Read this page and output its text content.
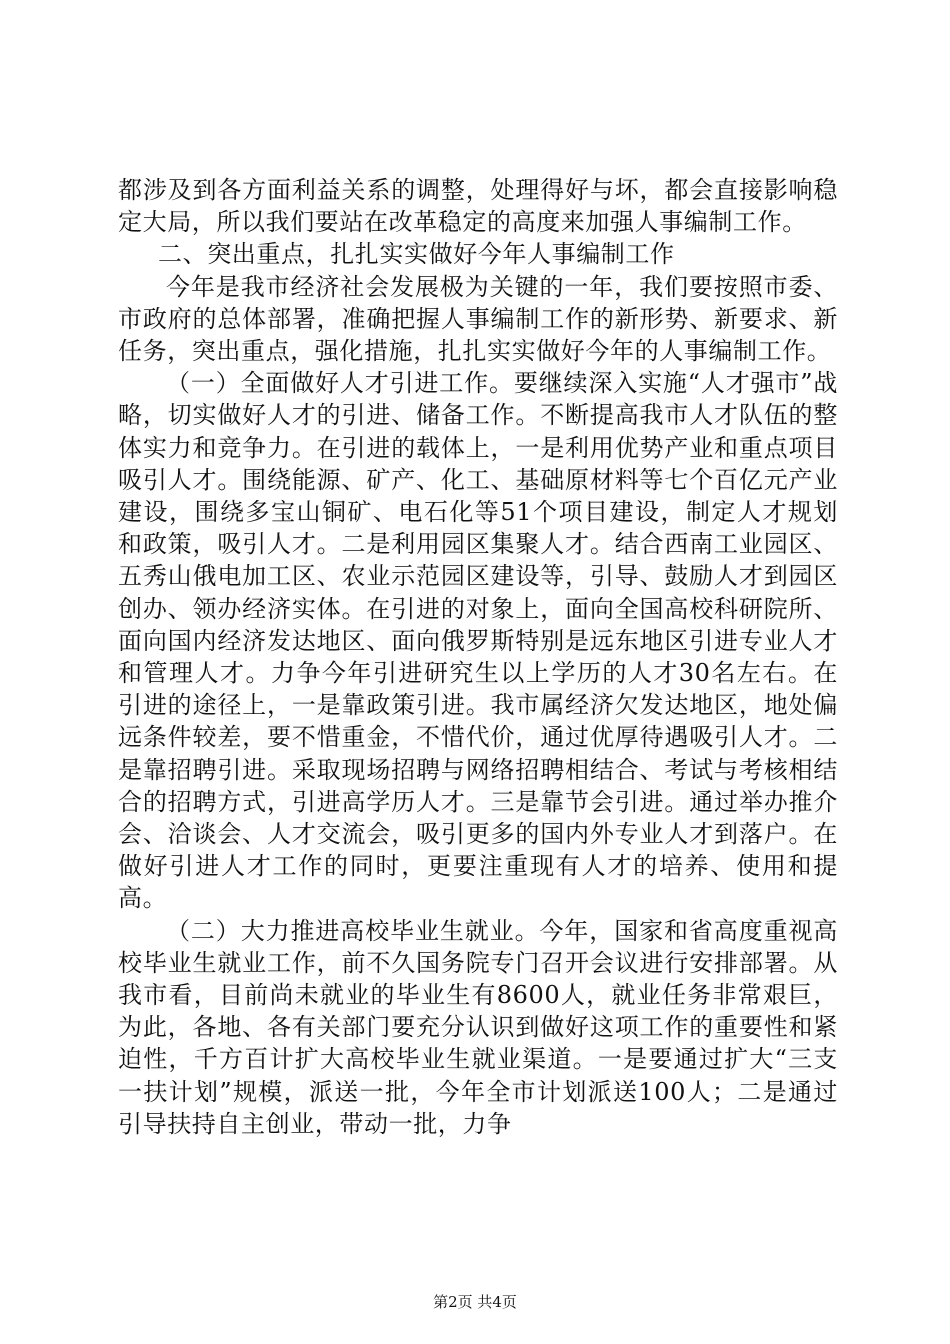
都涉及到各方面利益关系的调整，处理得好与坏，都会直接影响稳定大局，所以我们要站在改革稳定的高度来加强人事编制工作。

二、突出重点，扎扎实实做好今年人事编制工作

今年是我市经济社会发展极为关键的一年，我们要按照市委、市政府的总体部署，准确把握人事编制工作的新形势、新要求、新任务，突出重点，强化措施，扎扎实实做好今年的人事编制工作。

（一）全面做好人才引进工作。要继续深入实施“人才强市”战略，切实做好人才的引进、储备工作。不断提高我市人才队伍的整体实力和竞争力。在引进的载体上，一是利用优势产业和重点项目吸引人才。围绕能源、矿产、化工、基础原材料等七个百亿元产业建设，围绕多宝山铜矿、电石化等51个项目建设，制定人才规划和政策，吸引人才。二是利用园区集聚人才。结合西南工业园区、五秀山俄电加工区、农业示范园区建设等，引导、鼓励人才到园区创办、领办经济实体。在引进的对象上，面向全国高校科研院所、面向国内经济发达地区、面向俄罗斯特别是远东地区引进专业人才和管理人才。力争今年引进研究生以上学历的人才30名左右。在引进的途径上，一是靠政策引进。我市属经济欠发达地区，地处偏远条件较差，要不惜重金，不惜代价，通过优厚待遇吸引人才。二是靠招聘引进。采取现场招聘与网络招聘相结合、考试与考核相结合的招聘方式，引进高学历人才。三是靠节会引进。通过举办推介会、洽谈会、人才交流会，吸引更多的国内外专业人才到落户。在做好引进人才工作的同时，更要注重现有人才的培养、使用和提高。

（二）大力推进高校毕业生就业。今年，国家和省高度重视高校毕业生就业工作，前不久国务院专门召开会议进行安排部署。从我市看，目前尚未就业的毕业生有8600人，就业任务非常艰巨，为此，各地、各有关部门要充分认识到做好这项工作的重要性和紧迫性，千方百计扩大高校毕业生就业渠道。一是要通过扩大“三支一扶计划”规模，派送一批，今年全市计划派送100人；二是通过引导扶持自主创业，带动一批，力争

第2页 共4页
